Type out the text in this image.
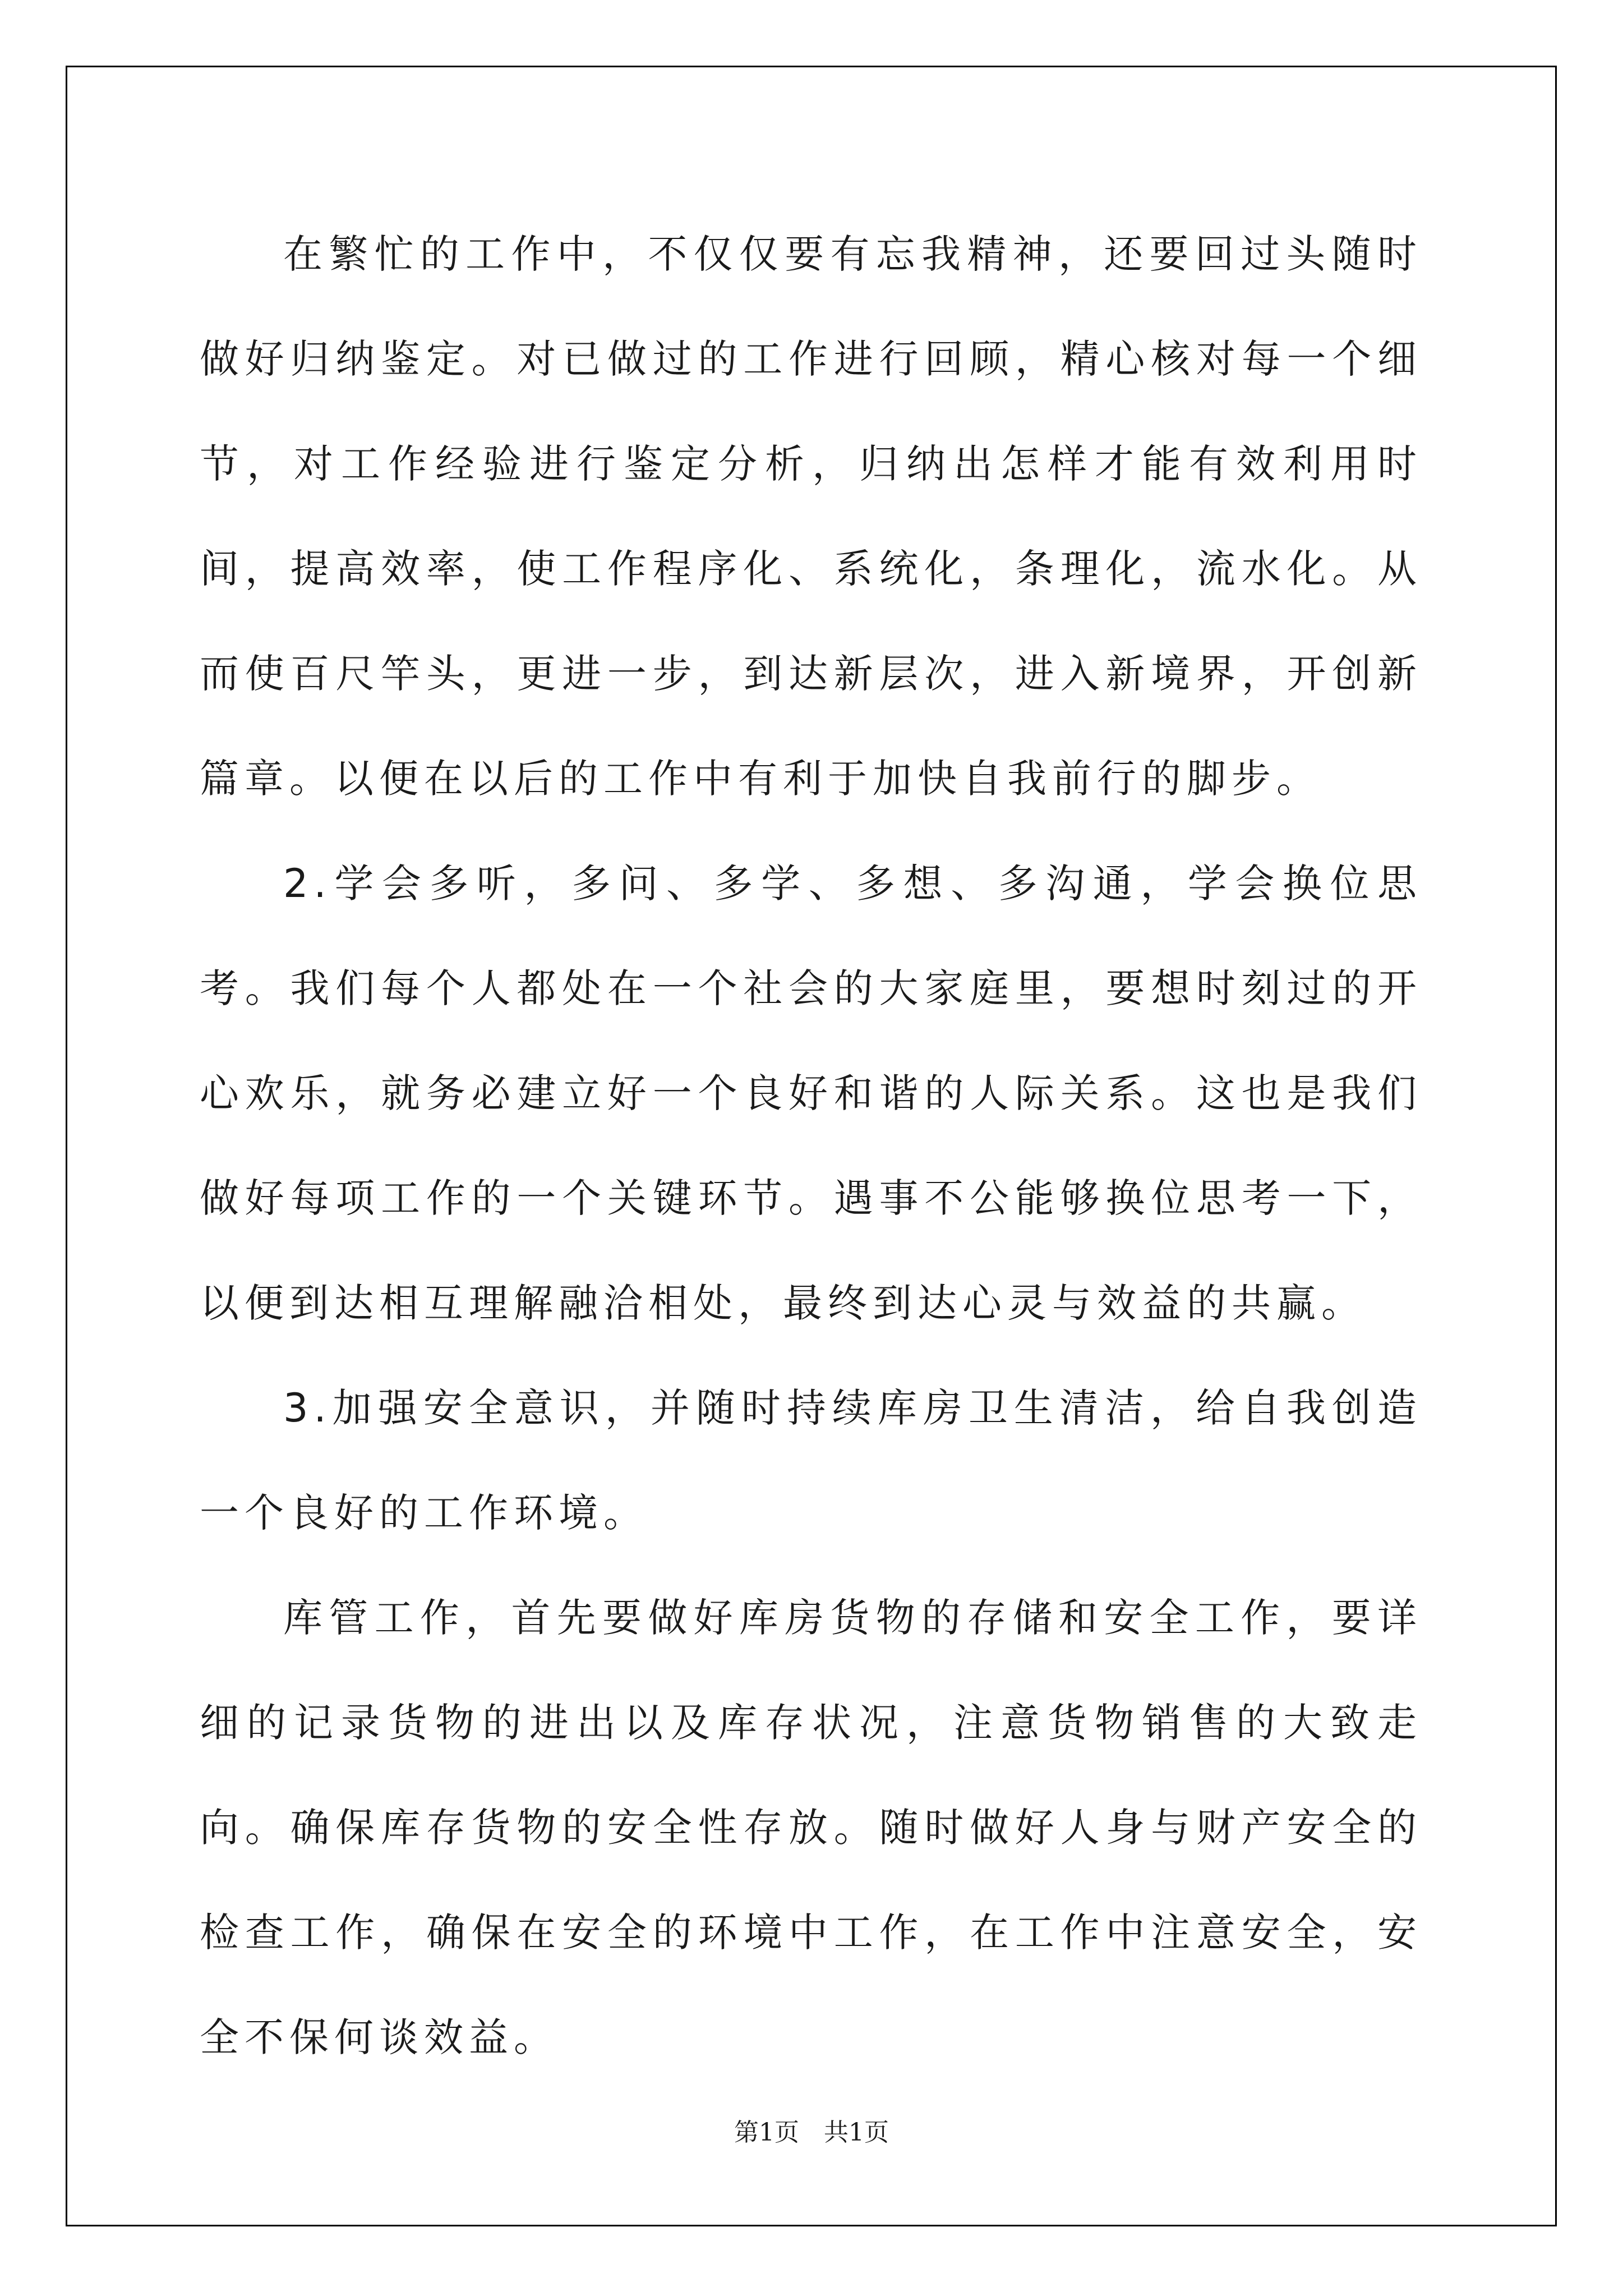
在繁忙的工作中，不仅仅要有忘我精神，还要回过头随时做好归纳鉴定。对已做过的工作进行回顾，精心核对每一个细节，对工作经验进行鉴定分析，归纳出怎样才能有效利用时间，提高效率，使工作程序化、系统化，条理化，流水化。从而使百尺竿头，更进一步，到达新层次，进入新境界，开创新篇章。以便在以后的工作中有利于加快自我前行的脚步。

2.学会多听，多问、多学、多想、多沟通，学会换位思考。我们每个人都处在一个社会的大家庭里，要想时刻过的开心欢乐，就务必建立好一个良好和谐的人际关系。这也是我们做好每项工作的一个关键环节。遇事不公能够换位思考一下，以便到达相互理解融洽相处，最终到达心灵与效益的共赢。

3.加强安全意识，并随时持续库房卫生清洁，给自我创造一个良好的工作环境。

库管工作，首先要做好库房货物的存储和安全工作，要详细的记录货物的进出以及库存状况，注意货物销售的大致走向。确保库存货物的安全性存放。随时做好人身与财产安全的检查工作，确保在安全的环境中工作，在工作中注意安全，安全不保何谈效益。

第1页 共1页
